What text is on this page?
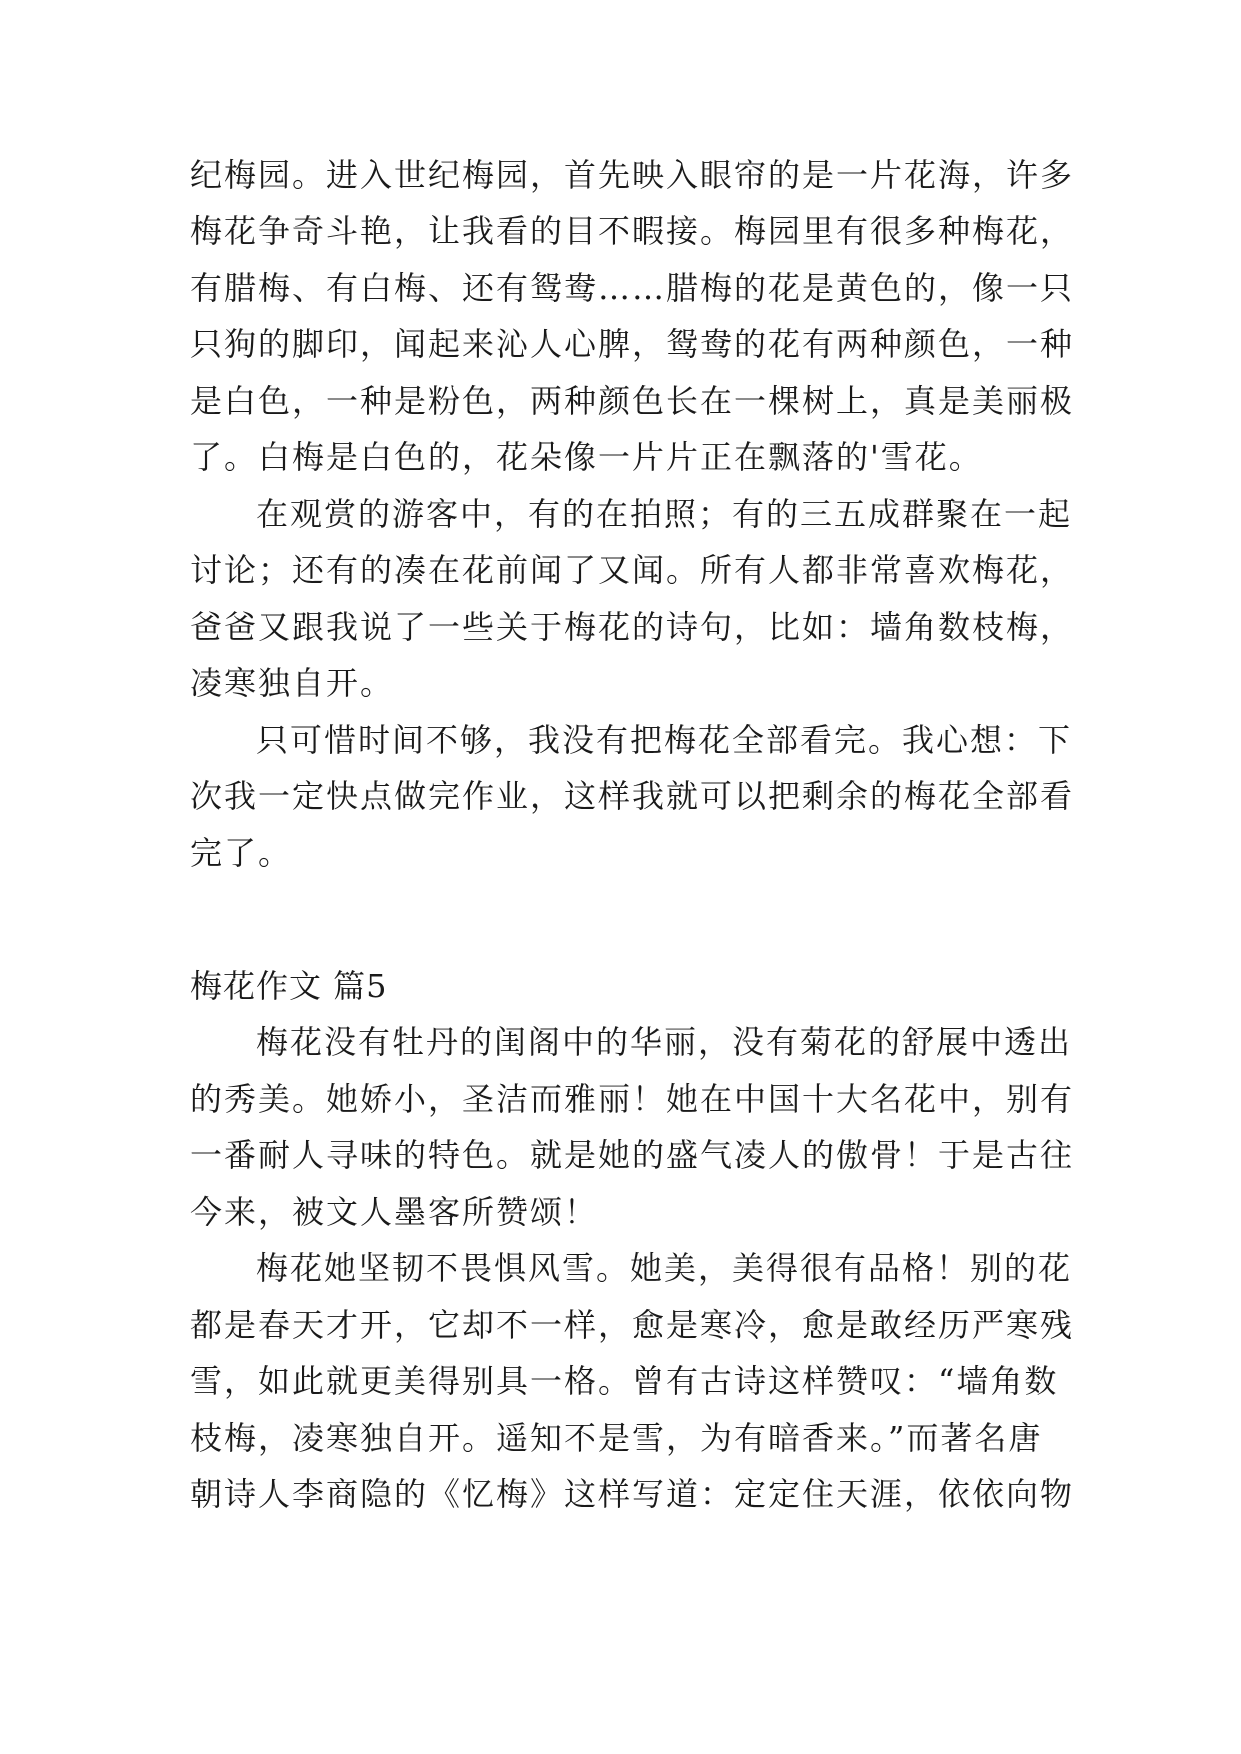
纪梅园。进入世纪梅园，首先映入眼帘的是一片花海，许多

梅花争奇斗艳，让我看的目不暇接。梅园里有很多种梅花，

有腊梅、有白梅、还有鸳鸯……腊梅的花是黄色的，像一只

只狗的脚印，闻起来沁人心脾，鸳鸯的花有两种颜色，一种

是白色，一种是粉色，两种颜色长在一棵树上，真是美丽极

了。白梅是白色的，花朵像一片片正在飘落的'雪花。

在观赏的游客中，有的在拍照；有的三五成群聚在一起

讨论；还有的凑在花前闻了又闻。所有人都非常喜欢梅花，

爸爸又跟我说了一些关于梅花的诗句，比如：墙角数枝梅，

凌寒独自开。

只可惜时间不够，我没有把梅花全部看完。我心想：下

次我一定快点做完作业，这样我就可以把剩余的梅花全部看

完了。

梅花作文 篇5

梅花没有牡丹的闺阁中的华丽，没有菊花的舒展中透出

的秀美。她娇小，圣洁而雅丽！她在中国十大名花中，别有

一番耐人寻味的特色。就是她的盛气凌人的傲骨！于是古往

今来，被文人墨客所赞颂！

梅花她坚韧不畏惧风雪。她美，美得很有品格！别的花

都是春天才开，它却不一样，愈是寒冷，愈是敢经历严寒残

雪，如此就更美得别具一格。曾有古诗这样赞叹：“墙角数

枝梅，凌寒独自开。遥知不是雪，为有暗香来。”而著名唐

朝诗人李商隐的《忆梅》这样写道：定定住天涯，依依向物
